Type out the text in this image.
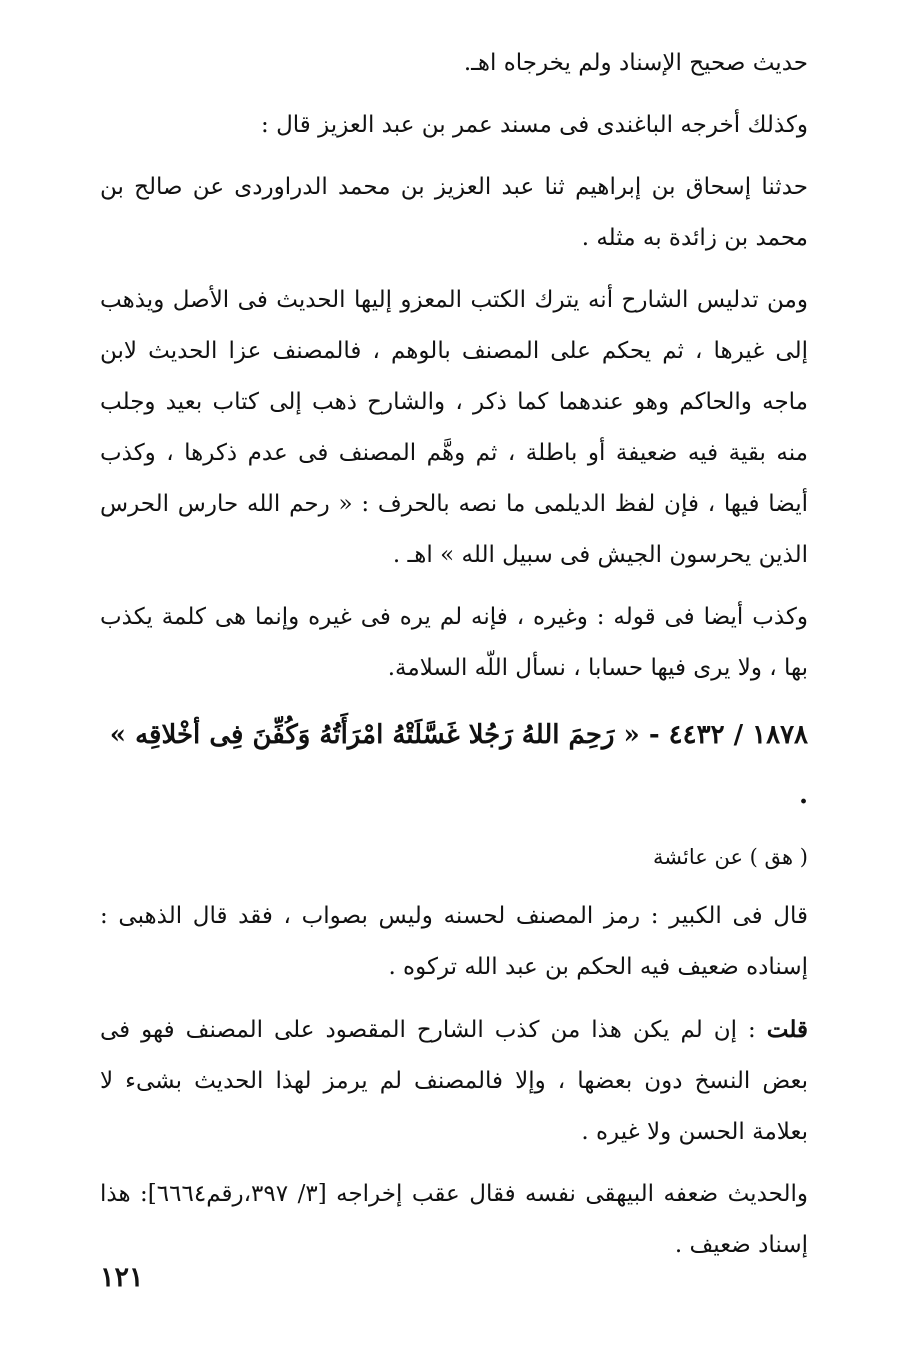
حديث صحيح الإسناد ولم يخرجاه اهـ.

وكذلك أخرجه الباغندى فى مسند عمر بن عبد العزيز قال :

حدثنا إسحاق بن إبراهيم ثنا عبد العزيز بن محمد الدراوردى عن صالح بن محمد بن زائدة به مثله .

ومن تدليس الشارح أنه يترك الكتب المعزو إليها الحديث فى الأصل ويذهب إلى غيرها ، ثم يحكم على المصنف بالوهم ، فالمصنف عزا الحديث لابن ماجه والحاكم وهو عندهما كما ذكر ، والشارح ذهب إلى كتاب بعيد وجلب منه بقية فيه ضعيفة أو باطلة ، ثم وهَّم المصنف فى عدم ذكرها ، وكذب أيضا فيها ، فإن لفظ الديلمى ما نصه بالحرف : « رحم الله حارس الحرس الذين يحرسون الجيش فى سبيل الله » اهـ .

وكذب أيضا فى قوله : وغيره ، فإنه لم يره فى غيره وإنما هى كلمة يكذب بها ، ولا يرى فيها حسابا ، نسأل اللّه السلامة.

١٨٧٨ / ٤٤٣٢ - « رَحِمَ اللهُ رَجُلا غَسَّلَتْهُ امْرَأَتُهُ وَكُفِّنَ فِى أخْلاقِه » .

( هق ) عن عائشة

قال فى الكبير : رمز المصنف لحسنه وليس بصواب ، فقد قال الذهبى : إسناده ضعيف فيه الحكم بن عبد الله تركوه .

قلت : إن لم يكن هذا من كذب الشارح المقصود على المصنف فهو فى بعض النسخ دون بعضها ، وإلا فالمصنف لم يرمز لهذا الحديث بشىء لا بعلامة الحسن ولا غيره .

والحديث ضعفه البيهقى نفسه فقال عقب إخراجه [٣/ ٣٩٧،رقم٦٦٦٤]: هذا إسناد ضعيف .

١٢١
